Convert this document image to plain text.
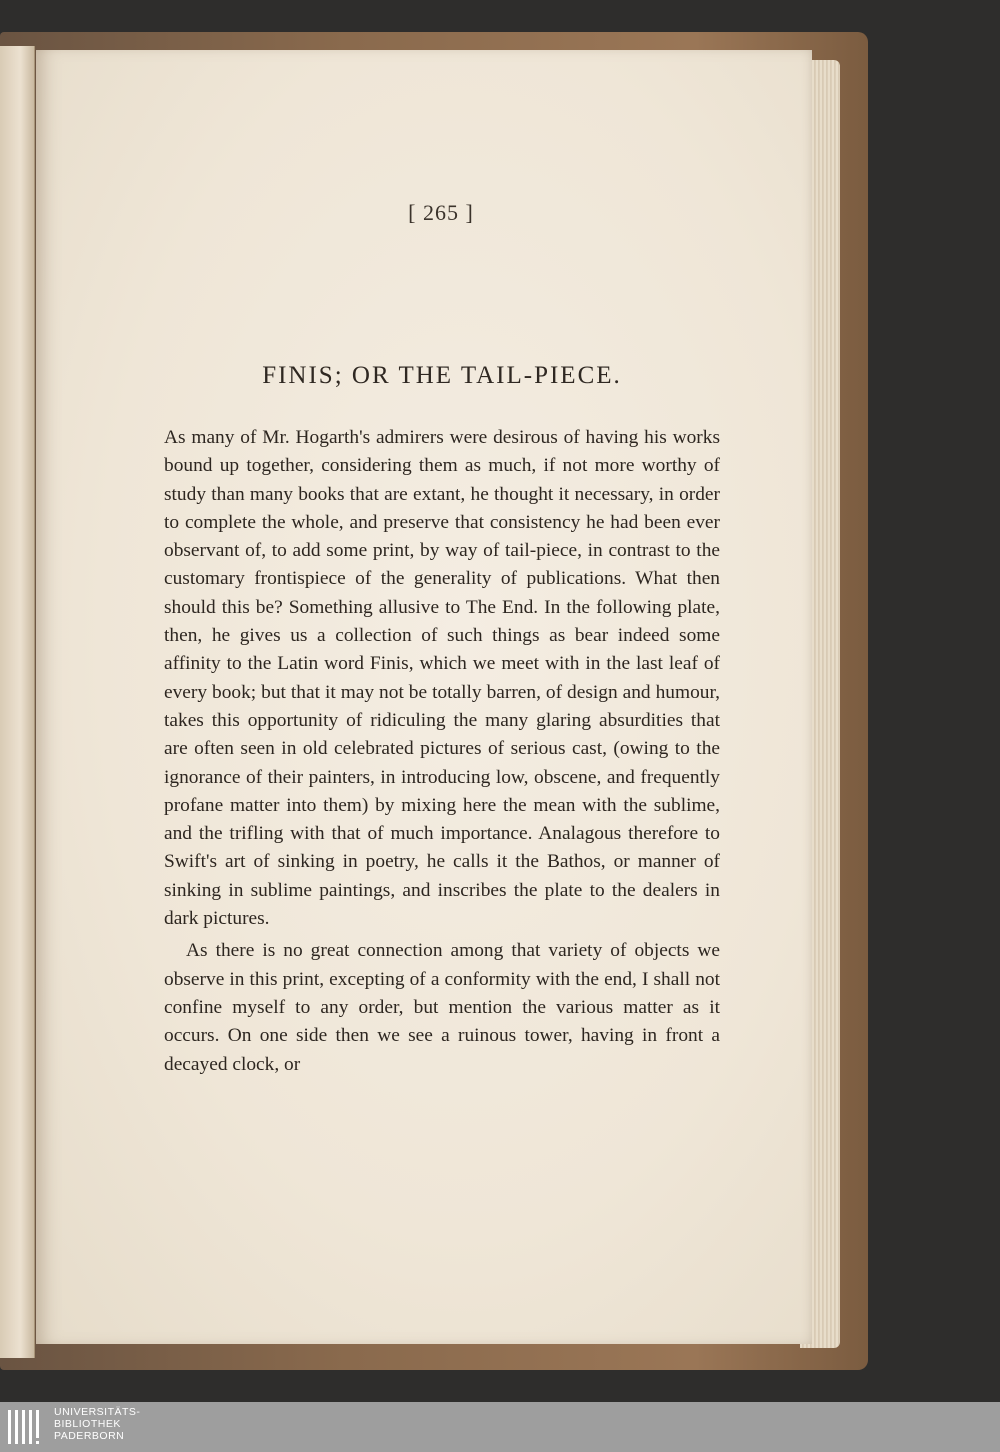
[ 265 ]
FINIS; OR THE TAIL-PIECE.

As many of Mr. Hogarth's admirers were desirous of having his works bound up together, considering them as much, if not more worthy of study than many books that are extant, he thought it necessary, in order to complete the whole, and preserve that consistency he had been ever observant of, to add some print, by way of tail-piece, in contrast to the customary frontispiece of the generality of publications. What then should this be? Something allusive to The End. In the following plate, then, he gives us a collection of such things as bear indeed some affinity to the Latin word Finis, which we meet with in the last leaf of every book; but that it may not be totally barren, of design and humour, takes this opportunity of ridiculing the many glaring absurdities that are often seen in old celebrated pictures of serious cast, (owing to the ignorance of their painters, in introducing low, obscene, and frequently profane matter into them) by mixing here the mean with the sublime, and the trifling with that of much importance. Analagous therefore to Swift's art of sinking in poetry, he calls it the Bathos, or manner of sinking in sublime paintings, and inscribes the plate to the dealers in dark pictures.

As there is no great connection among that variety of objects we observe in this print, excepting of a conformity with the end, I shall not confine myself to any order, but mention the various matter as it occurs. On one side then we see a ruinous tower, having in front a decayed clock, or

UNIVERSITÄTS-
BIBLIOTHEK
PADERBORN
